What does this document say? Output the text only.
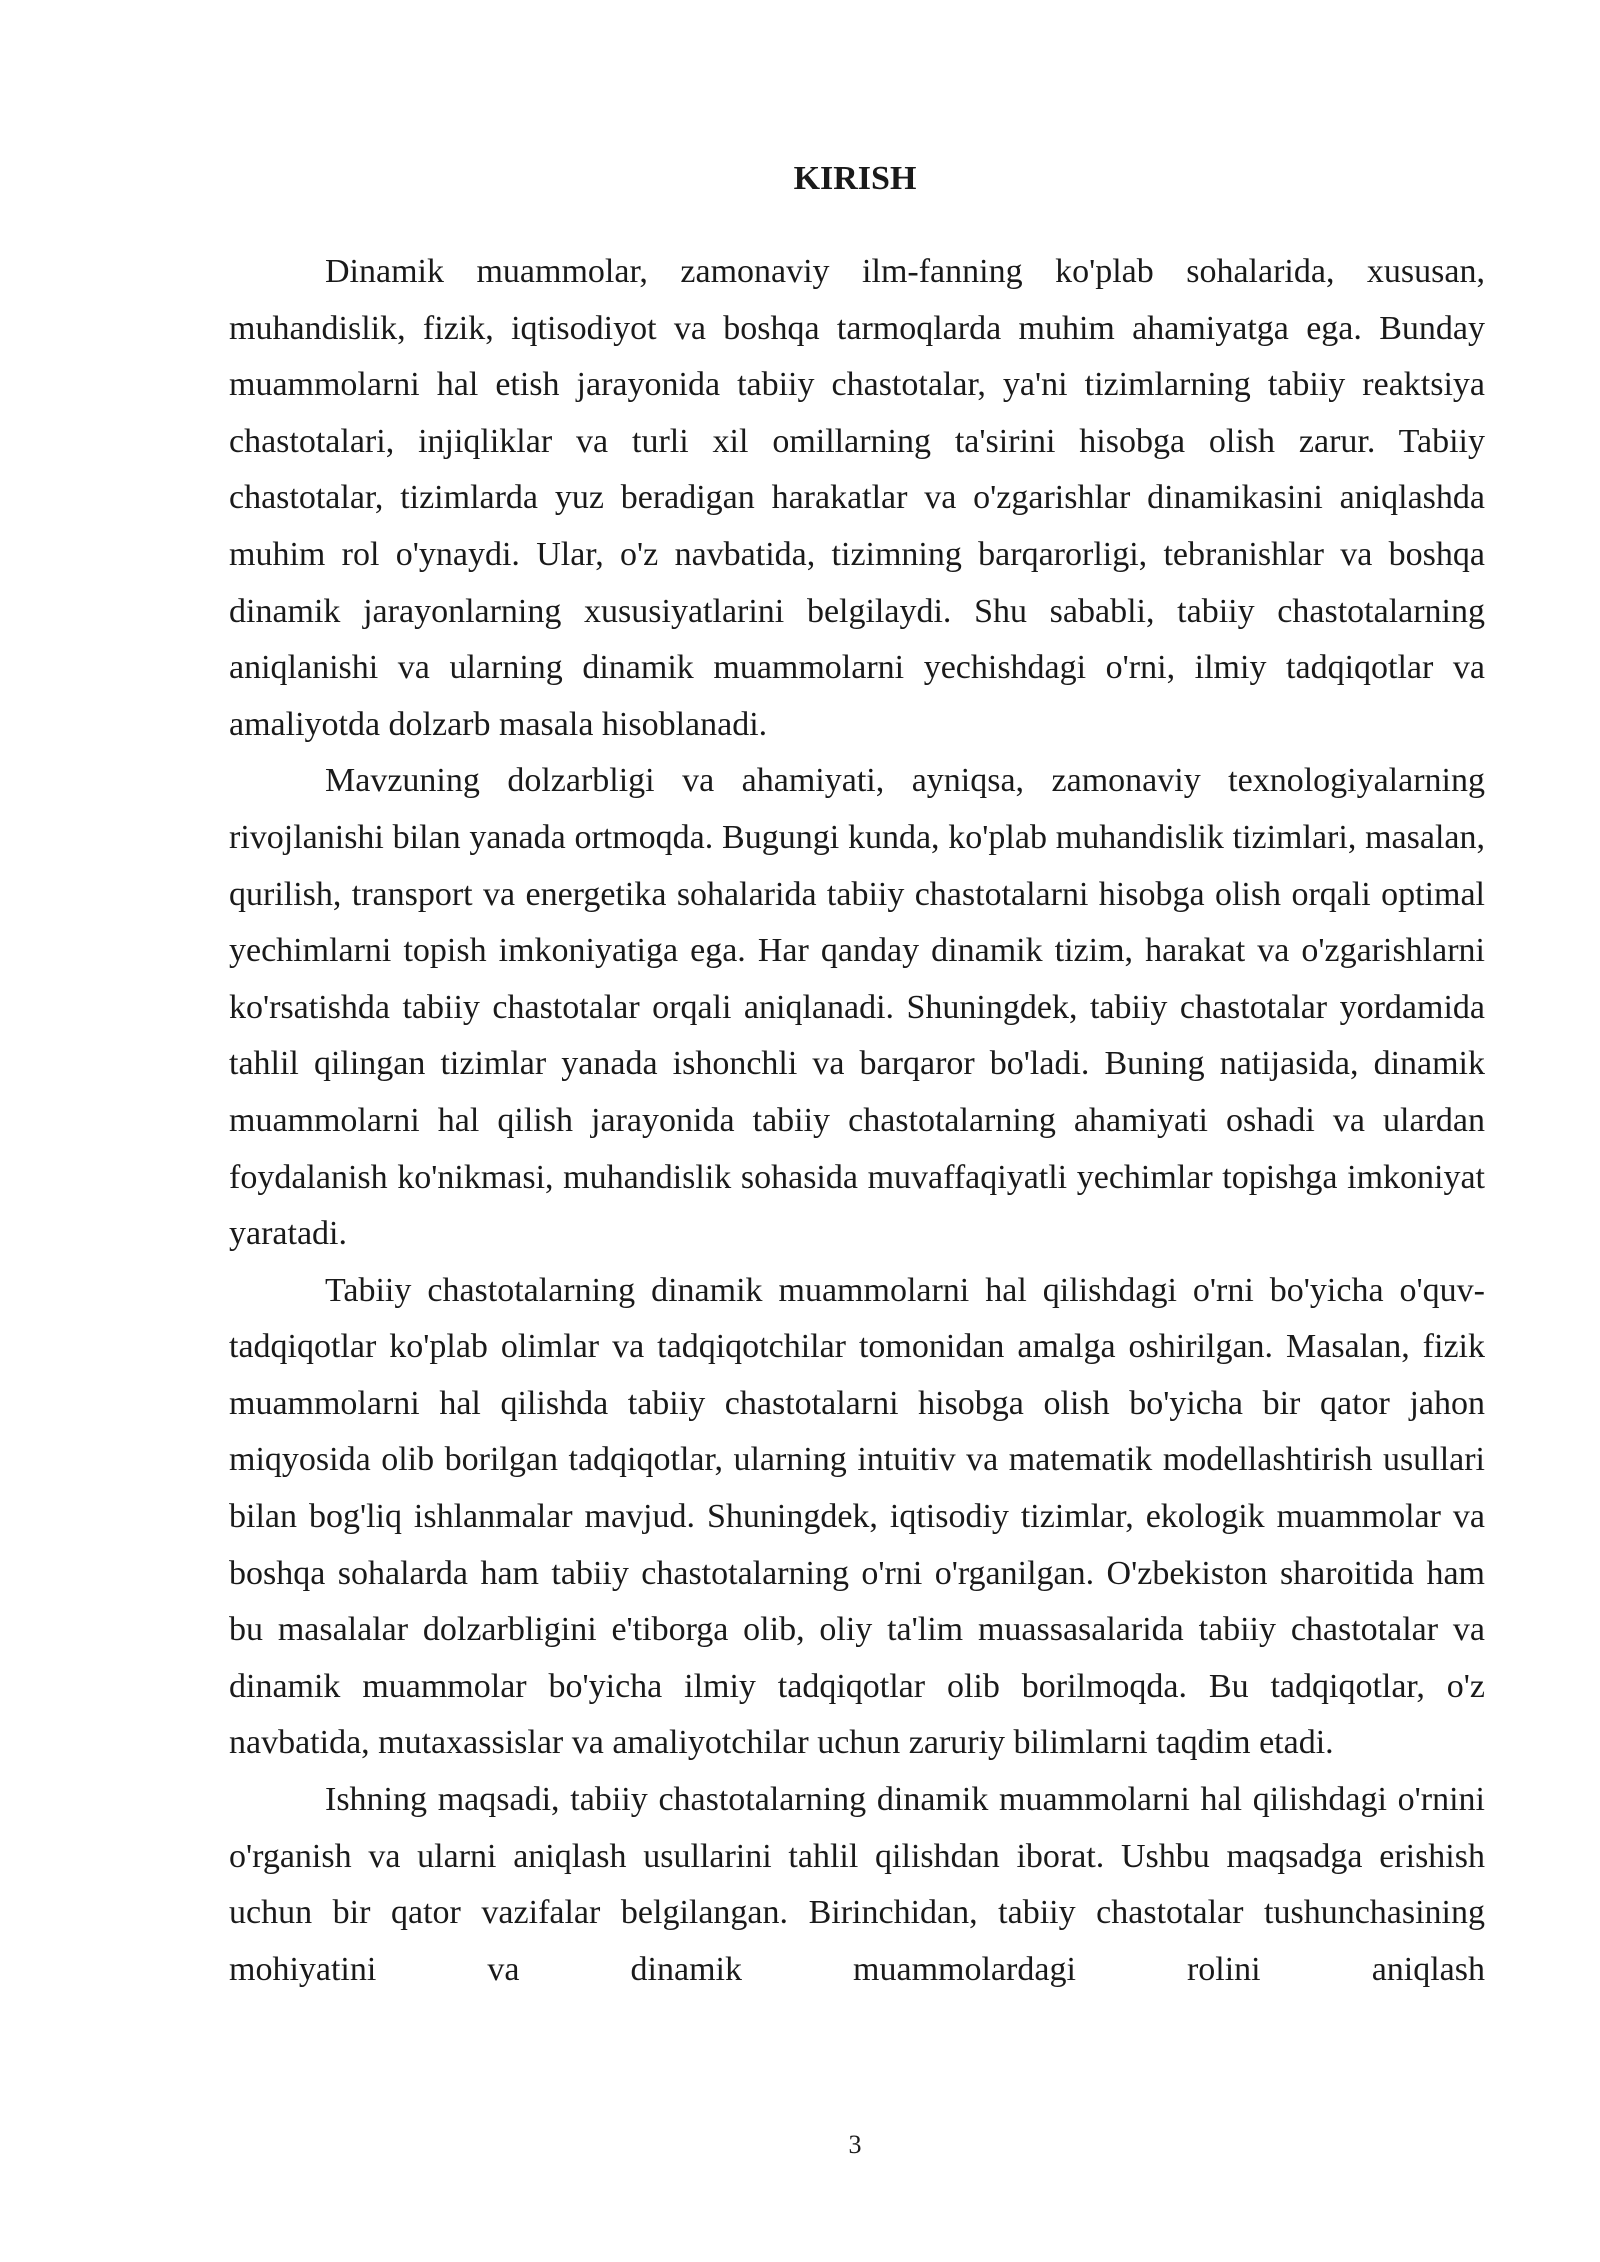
KIRISH

Dinamik muammolar, zamonaviy ilm-fanning ko'plab sohalarida, xususan, muhandislik, fizik, iqtisodiyot va boshqa tarmoqlarda muhim ahamiyatga ega. Bunday muammolarni hal etish jarayonida tabiiy chastotalar, ya'ni tizimlarning tabiiy reaktsiya chastotalari, injiqliklar va turli xil omillarning ta'sirini hisobga olish zarur. Tabiiy chastotalar, tizimlarda yuz beradigan harakatlar va o'zgarishlar dinamikasini aniqlashda muhim rol o'ynaydi. Ular, o'z navbatida, tizimning barqarorligi, tebranishlar va boshqa dinamik jarayonlarning xususiyatlarini belgilaydi. Shu sababli, tabiiy chastotalarning aniqlanishi va ularning dinamik muammolarni yechishdagi o'rni, ilmiy tadqiqotlar va amaliyotda dolzarb masala hisoblanadi.

Mavzuning dolzarbligi va ahamiyati, ayniqsa, zamonaviy texnologiyalarning rivojlanishi bilan yanada ortmoqda. Bugungi kunda, ko'plab muhandislik tizimlari, masalan, qurilish, transport va energetika sohalarida tabiiy chastotalarni hisobga olish orqali optimal yechimlarni topish imkoniyatiga ega. Har qanday dinamik tizim, harakat va o'zgarishlarni ko'rsatishda tabiiy chastotalar orqali aniqlanadi. Shuningdek, tabiiy chastotalar yordamida tahlil qilingan tizimlar yanada ishonchli va barqaror bo'ladi. Buning natijasida, dinamik muammolarni hal qilish jarayonida tabiiy chastotalarning ahamiyati oshadi va ulardan foydalanish ko'nikmasi, muhandislik sohasida muvaffaqiyatli yechimlar topishga imkoniyat yaratadi.

Tabiiy chastotalarning dinamik muammolarni hal qilishdagi o'rni bo'yicha o'quv-tadqiqotlar ko'plab olimlar va tadqiqotchilar tomonidan amalga oshirilgan. Masalan, fizik muammolarni hal qilishda tabiiy chastotalarni hisobga olish bo'yicha bir qator jahon miqyosida olib borilgan tadqiqotlar, ularning intuitiv va matematik modellashtirish usullari bilan bog'liq ishlanmalar mavjud. Shuningdek, iqtisodiy tizimlar, ekologik muammolar va boshqa sohalarda ham tabiiy chastotalarning o'rni o'rganilgan. O'zbekiston sharoitida ham bu masalalar dolzarbligini e'tiborga olib, oliy ta'lim muassasalarida tabiiy chastotalar va dinamik muammolar bo'yicha ilmiy tadqiqotlar olib borilmoqda. Bu tadqiqotlar, o'z navbatida, mutaxassislar va amaliyotchilar uchun zaruriy bilimlarni taqdim etadi.

Ishning maqsadi, tabiiy chastotalarning dinamik muammolarni hal qilishdagi o'rnini o'rganish va ularni aniqlash usullarini tahlil qilishdan iborat. Ushbu maqsadga erishish uchun bir qator vazifalar belgilangan. Birinchidan, tabiiy chastotalar tushunchasining mohiyatini va dinamik muammolardagi rolini aniqlash

3
